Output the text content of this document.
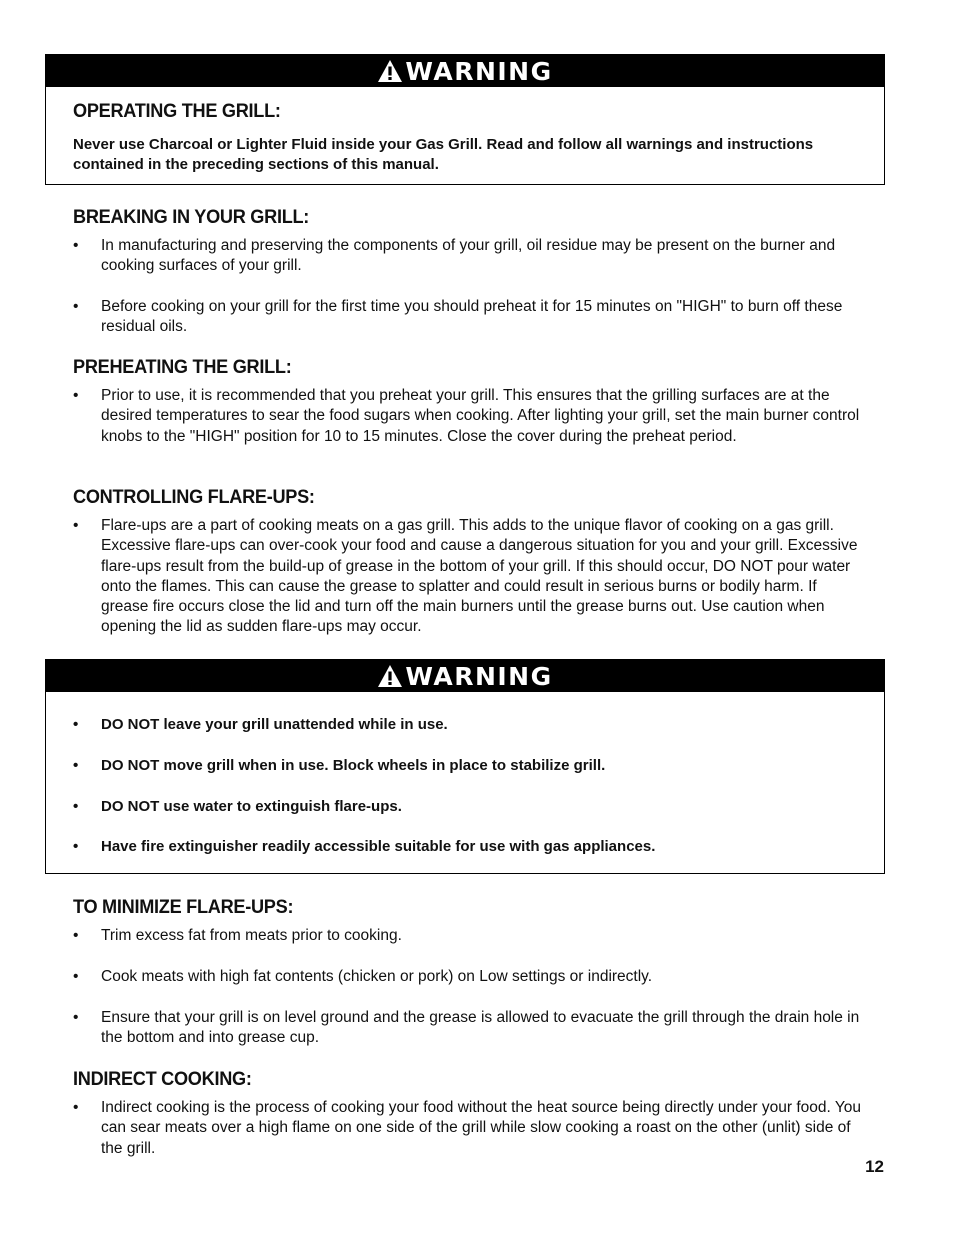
WARNING
OPERATING THE GRILL:

Never use Charcoal or Lighter Fluid inside your Gas Grill. Read and follow all warnings and instructions contained in the preceding sections of this manual.

BREAKING IN YOUR GRILL:
• In manufacturing and preserving the components of your grill, oil residue may be present on the burner and cooking surfaces of your grill.
• Before cooking on your grill for the first time you should preheat it for 15 minutes on "HIGH" to burn off these residual oils.
PREHEATING THE GRILL:
• Prior to use, it is recommended that you preheat your grill. This ensures that the grilling surfaces are at the desired temperatures to sear the food sugars when cooking. After lighting your grill, set the main burner control knobs to the "HIGH" position for 10 to 15 minutes. Close the cover during the preheat period.
CONTROLLING FLARE-UPS:
• Flare-ups are a part of cooking meats on a gas grill. This adds to the unique flavor of cooking on a gas grill. Excessive flare-ups can over-cook your food and cause a dangerous situation for you and your grill. Excessive flare-ups result from the build-up of grease in the bottom of your grill. If this should occur, DO NOT pour water onto the flames. This can cause the grease to splatter and could result in serious burns or bodily harm. If grease fire occurs close the lid and turn off the main burners until the grease burns out. Use caution when opening the lid as sudden flare-ups may occur.
WARNING
• DO NOT leave your grill unattended while in use.
• DO NOT move grill when in use. Block wheels in place to stabilize grill.
• DO NOT use water to extinguish flare-ups.
• Have fire extinguisher readily accessible suitable for use with gas appliances.
TO MINIMIZE FLARE-UPS:
• Trim excess fat from meats prior to cooking.
• Cook meats with high fat contents (chicken or pork) on Low settings or indirectly.
• Ensure that your grill is on level ground and the grease is allowed to evacuate the grill through the drain hole in the bottom and into grease cup.
INDIRECT COOKING:
• Indirect cooking is the process of cooking your food without the heat source being directly under your food. You can sear meats over a high flame on one side of the grill while slow cooking a roast on the other (unlit) side of the grill.
12
